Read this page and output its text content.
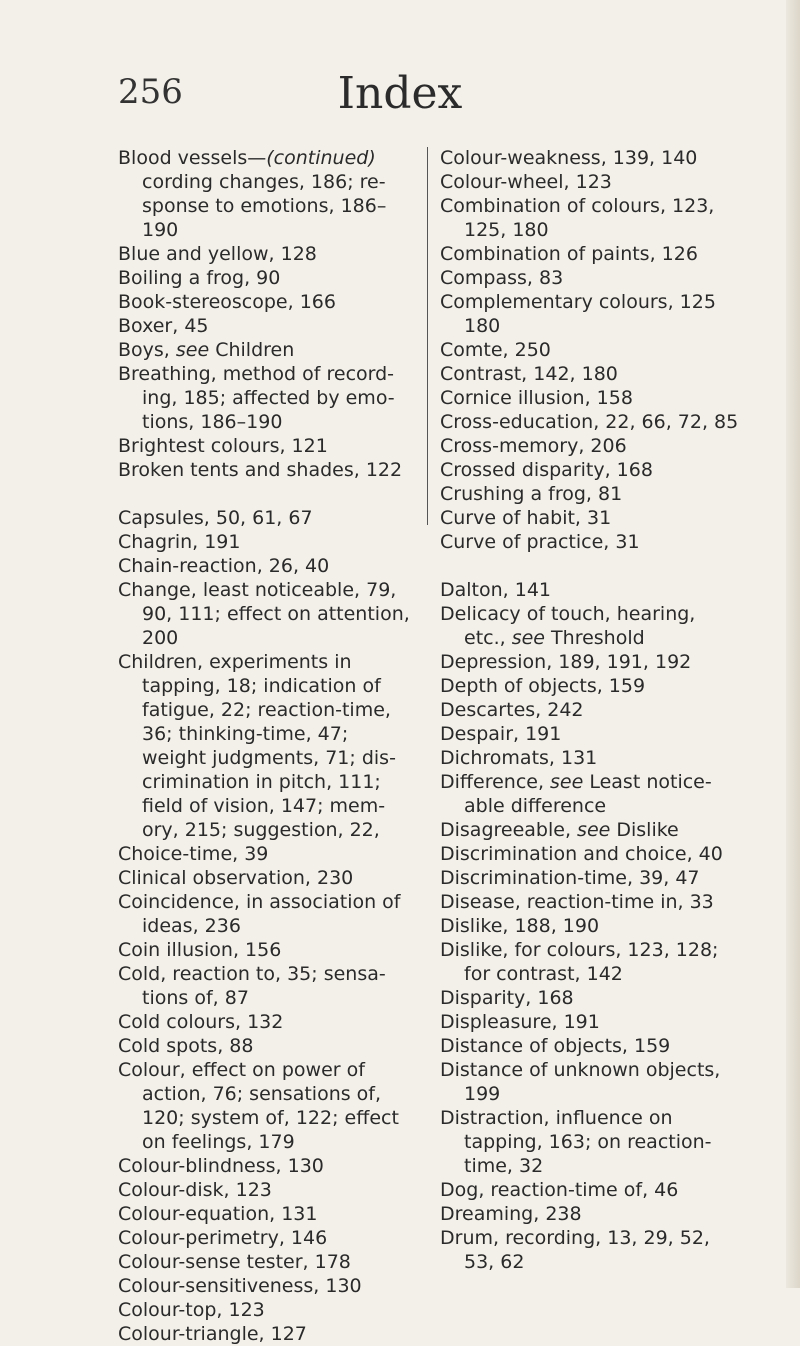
256	Index

Blood vessels—(continued) cording changes, 186; re-sponse to emotions, 186–190

Blue and yellow, 128

Boiling a frog, 90

Book-stereoscope, 166

Boxer, 45

Boys, see Children

Breathing, method of record-ing, 185; affected by emo-tions, 186–190

Brightest colours, 121

Broken tents and shades, 122

Capsules, 50, 61, 67

Chagrin, 191

Chain-reaction, 26, 40

Change, least noticeable, 79, 90, 111; effect on attention, 200

Children, experiments in tapping, 18; indication of fatigue, 22; reaction-time, 36; thinking-time, 47; weight judgments, 71; dis-crimination in pitch, 111; field of vision, 147; mem-ory, 215; suggestion, 22,

Choice-time, 39

Clinical observation, 230

Coincidence, in association of ideas, 236

Coin illusion, 156

Cold, reaction to, 35; sensa-tions of, 87

Cold colours, 132

Cold spots, 88

Colour, effect on power of action, 76; sensations of, 120; system of, 122; effect on feelings, 179

Colour-blindness, 130

Colour-disk, 123

Colour-equation, 131

Colour-perimetry, 146

Colour-sense tester, 178

Colour-sensitiveness, 130

Colour-top, 123

Colour-triangle, 127

Colour-weakness, 139, 140

Colour-wheel, 123

Combination of colours, 123, 125, 180

Combination of paints, 126

Compass, 83

Complementary colours, 125 180

Comte, 250

Contrast, 142, 180

Cornice illusion, 158

Cross-education, 22, 66, 72, 85

Cross-memory, 206

Crossed disparity, 168

Crushing a frog, 81

Curve of habit, 31

Curve of practice, 31

Dalton, 141

Delicacy of touch, hearing, etc., see Threshold

Depression, 189, 191, 192

Depth of objects, 159

Descartes, 242

Despair, 191

Dichromats, 131

Difference, see Least notice-able difference

Disagreeable, see Dislike

Discrimination and choice, 40

Discrimination-time, 39, 47

Disease, reaction-time in, 33

Dislike, 188, 190

Dislike, for colours, 123, 128; for contrast, 142

Disparity, 168

Displeasure, 191

Distance of objects, 159

Distance of unknown objects, 199

Distraction, influence on tapping, 163; on reaction-time, 32

Dog, reaction-time of, 46

Dreaming, 238

Drum, recording, 13, 29, 52, 53, 62
